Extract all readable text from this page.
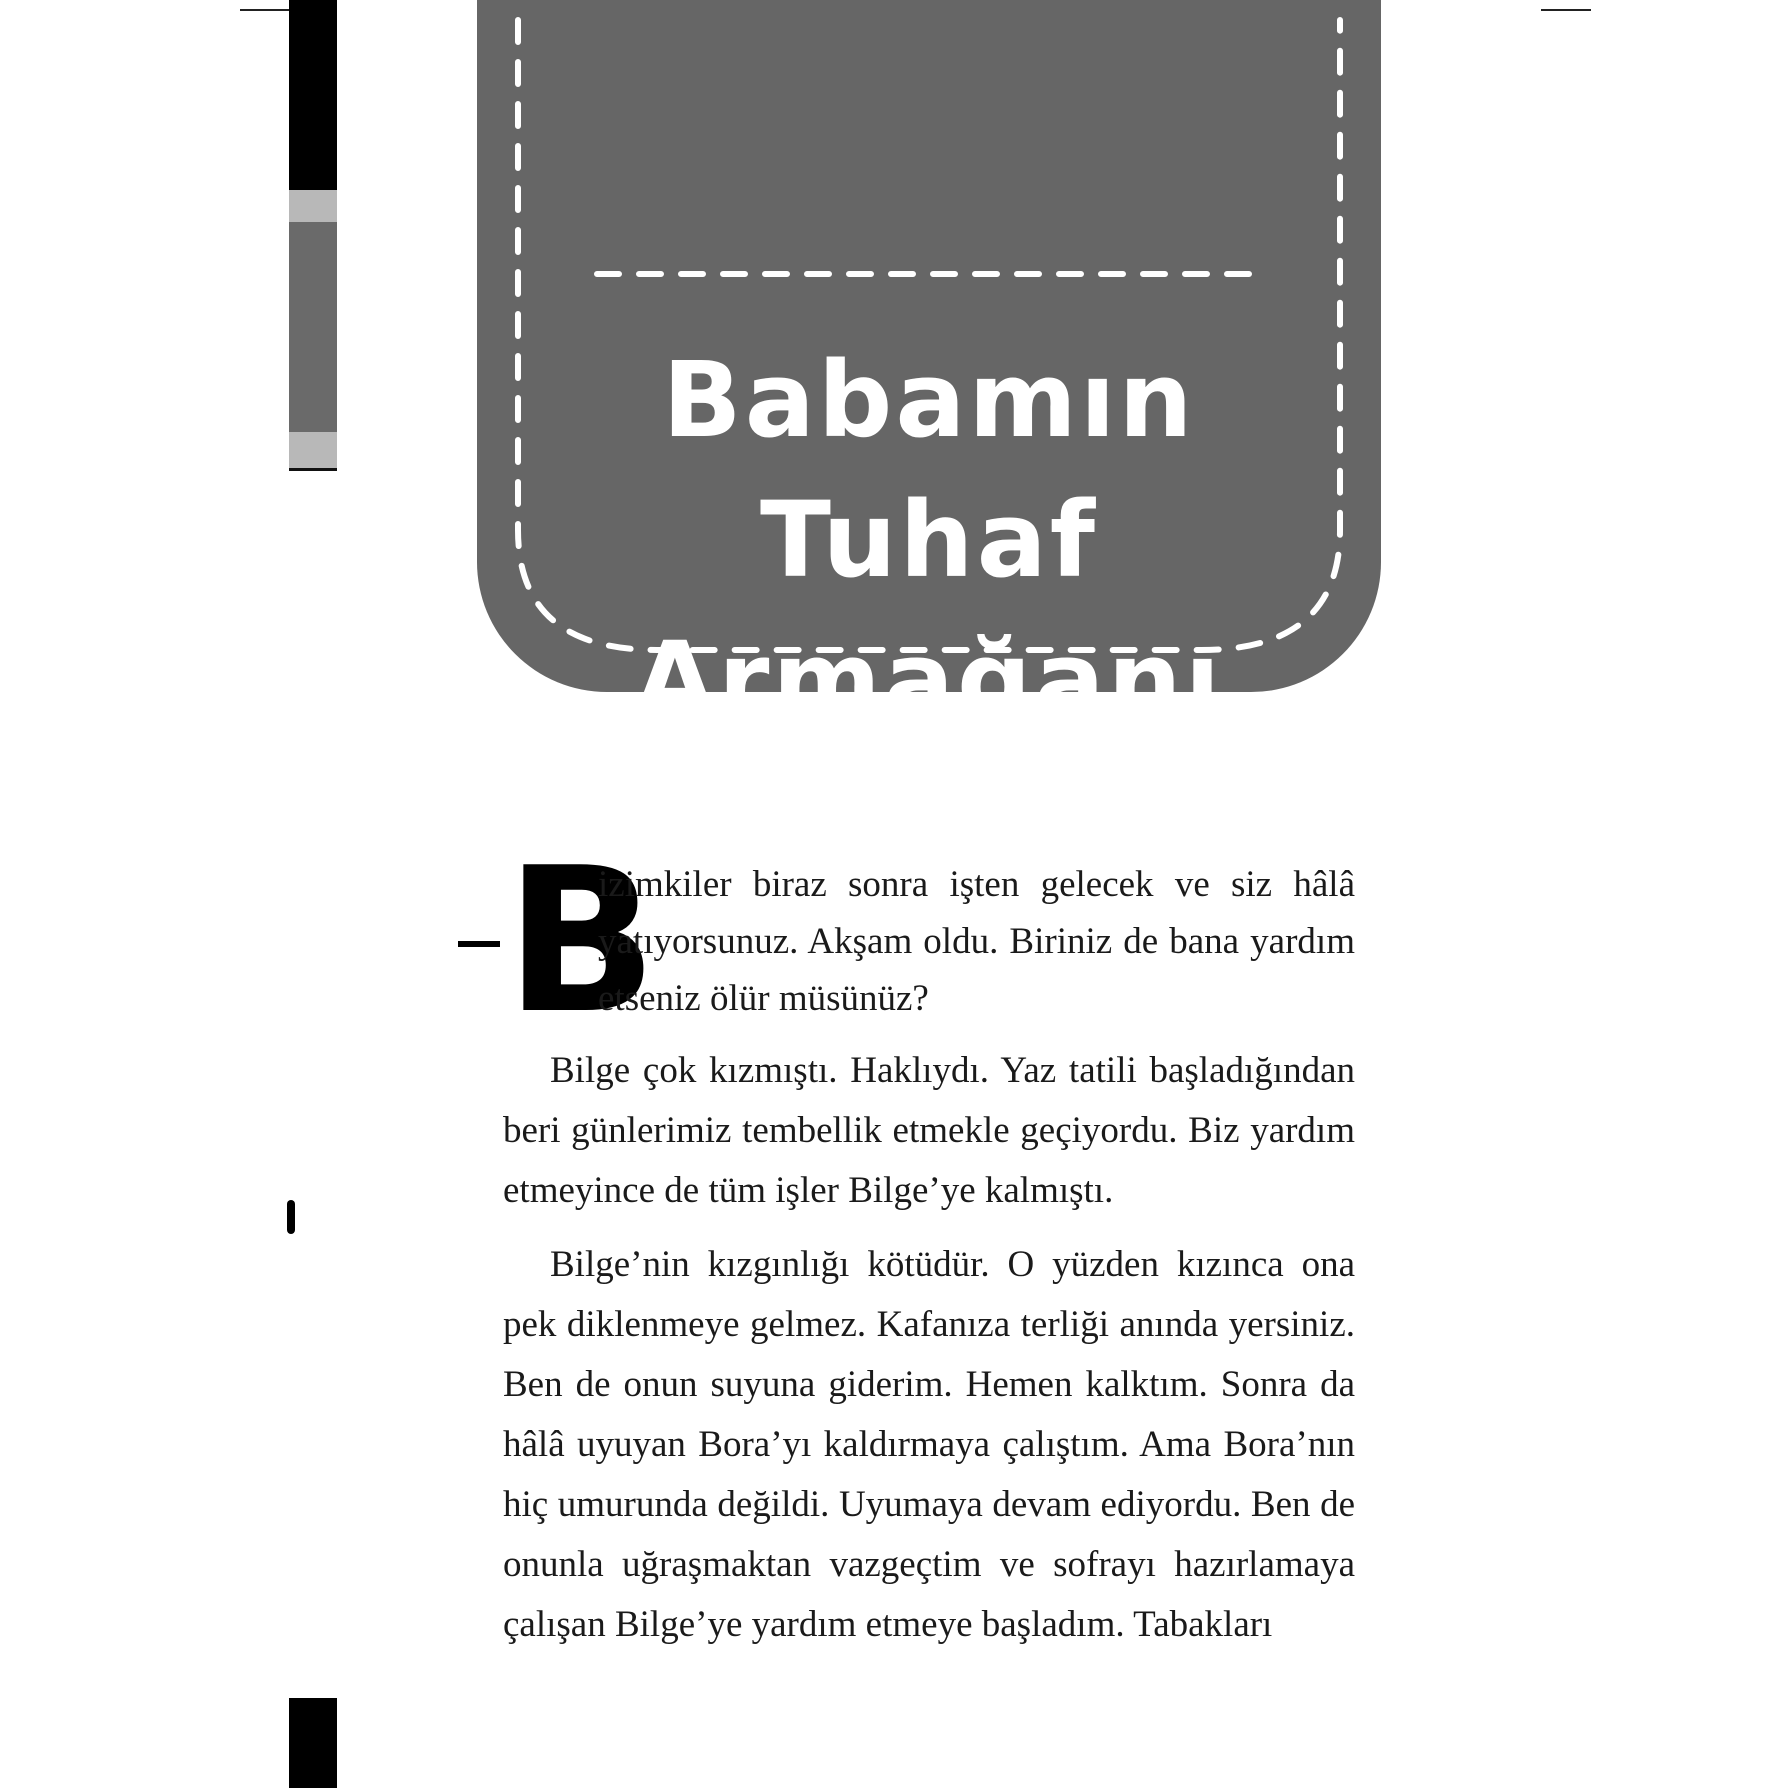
Babamın Tuhaf
Armağanı
B

izimkiler biraz sonra işten gelecek ve siz hâlâ yatıyorsunuz. Akşam oldu. Biriniz de bana yardım etseniz ölür müsünüz?

Bilge çok kızmıştı. Haklıydı. Yaz tatili başladığından beri günlerimiz tembellik etmekle geçiyordu. Biz yardım etmeyince de tüm işler Bilge’ye kalmıştı.

Bilge’nin kızgınlığı kötüdür. O yüzden kızınca ona pek diklenmeye gelmez. Kafanıza terliği anında yersiniz. Ben de onun suyuna giderim. Hemen kalktım. Sonra da hâlâ uyuyan Bora’yı kaldırmaya çalıştım. Ama Bora’nın hiç umurunda değildi. Uyumaya devam ediyordu. Ben de onunla uğraşmaktan vazgeçtim ve sofrayı hazırlamaya çalışan Bilge’ye yardım etmeye başladım. Tabakları
